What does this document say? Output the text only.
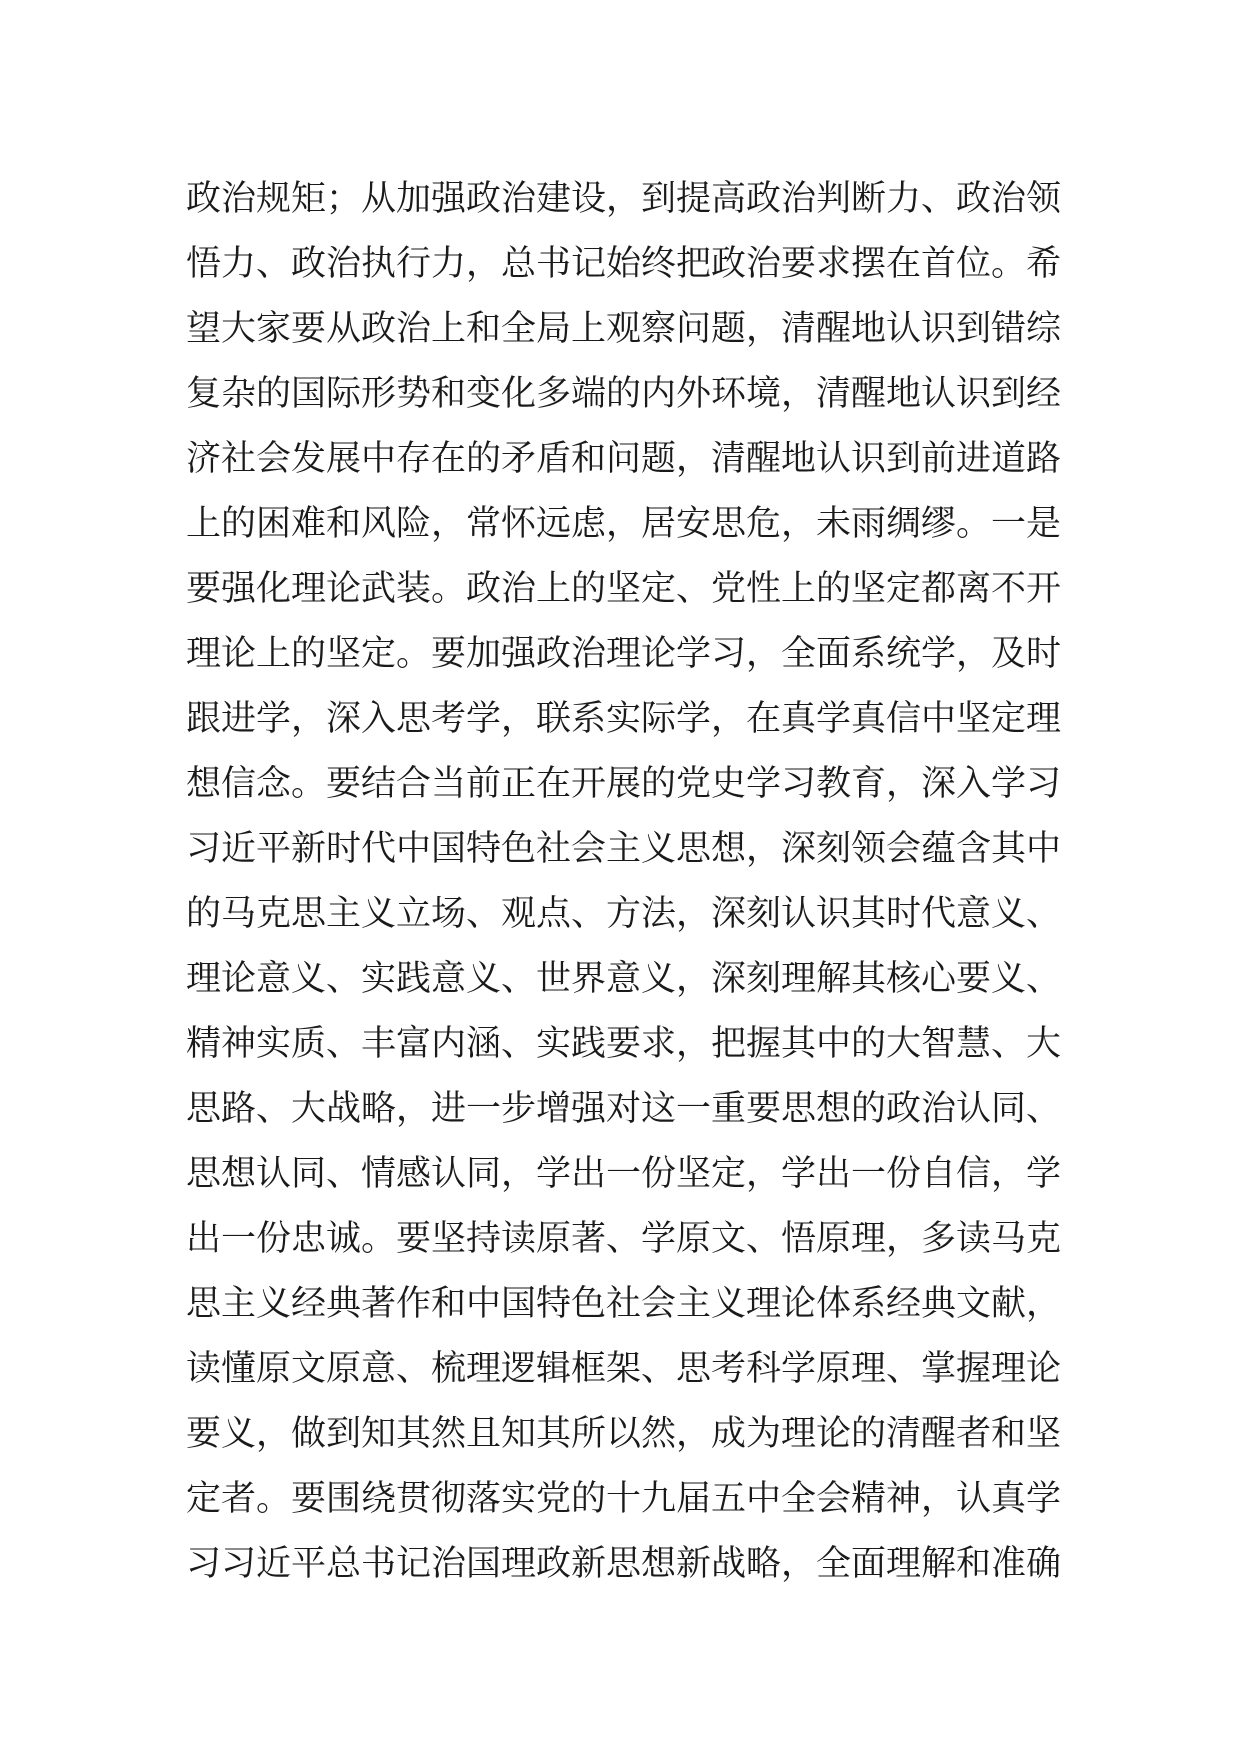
政治规矩；从加强政治建设，到提高政治判断力、政治领
悟力、政治执行力，总书记始终把政治要求摆在首位。希
望大家要从政治上和全局上观察问题，清醒地认识到错综
复杂的国际形势和变化多端的内外环境，清醒地认识到经
济社会发展中存在的矛盾和问题，清醒地认识到前进道路
上的困难和风险，常怀远虑，居安思危，未雨绸缪。一是
要强化理论武装。政治上的坚定、党性上的坚定都离不开
理论上的坚定。要加强政治理论学习，全面系统学，及时
跟进学，深入思考学，联系实际学，在真学真信中坚定理
想信念。要结合当前正在开展的党史学习教育，深入学习
习近平新时代中国特色社会主义思想，深刻领会蕴含其中
的马克思主义立场、观点、方法，深刻认识其时代意义、
理论意义、实践意义、世界意义，深刻理解其核心要义、
精神实质、丰富内涵、实践要求，把握其中的大智慧、大
思路、大战略，进一步增强对这一重要思想的政治认同、
思想认同、情感认同，学出一份坚定，学出一份自信，学
出一份忠诚。要坚持读原著、学原文、悟原理，多读马克
思主义经典著作和中国特色社会主义理论体系经典文献，
读懂原文原意、梳理逻辑框架、思考科学原理、掌握理论
要义，做到知其然且知其所以然，成为理论的清醒者和坚
定者。要围绕贯彻落实党的十九届五中全会精神，认真学
习习近平总书记治国理政新思想新战略，全面理解和准确
